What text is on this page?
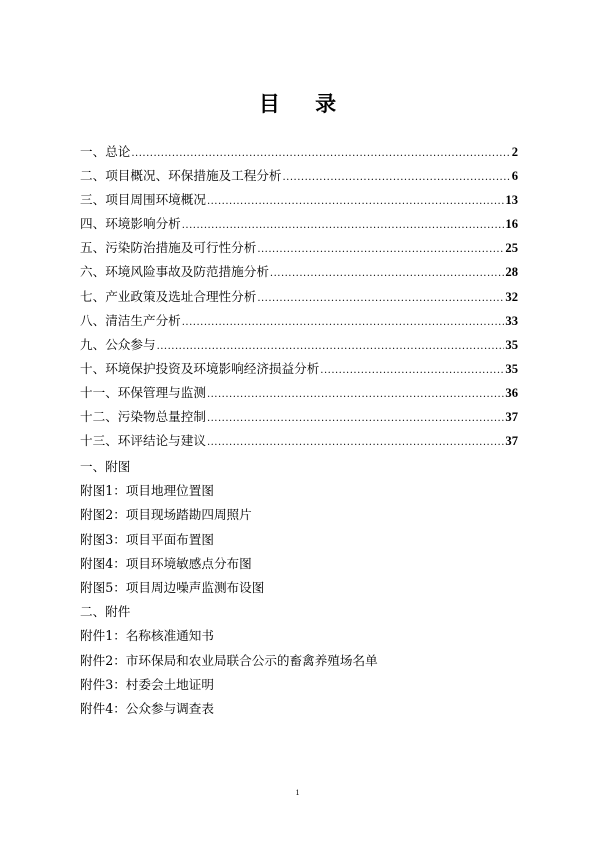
目 录
一、总论 .....	2
二、项目概况、环保措施及工程分析 .....	6
三、项目周围环境概况 .....	13
四、环境影响分析 .....	16
五、污染防治措施及可行性分析 .....	25
六、环境风险事故及防范措施分析 .....	28
七、产业政策及选址合理性分析 .....	32
八、清洁生产分析 .....	33
九、公众参与 .....	35
十、环境保护投资及环境影响经济损益分析 .....	35
十一、环保管理与监测 .....	36
十二、污染物总量控制 .....	37
十三、环评结论与建议 .....	37
一、附图
附图1：项目地理位置图
附图2：项目现场踏勘四周照片
附图3：项目平面布置图
附图4：项目环境敏感点分布图
附图5：项目周边噪声监测布设图
二、附件
附件1：名称核准通知书
附件2：市环保局和农业局联合公示的畜禽养殖场名单
附件3：村委会土地证明
附件4：公众参与调查表
1
